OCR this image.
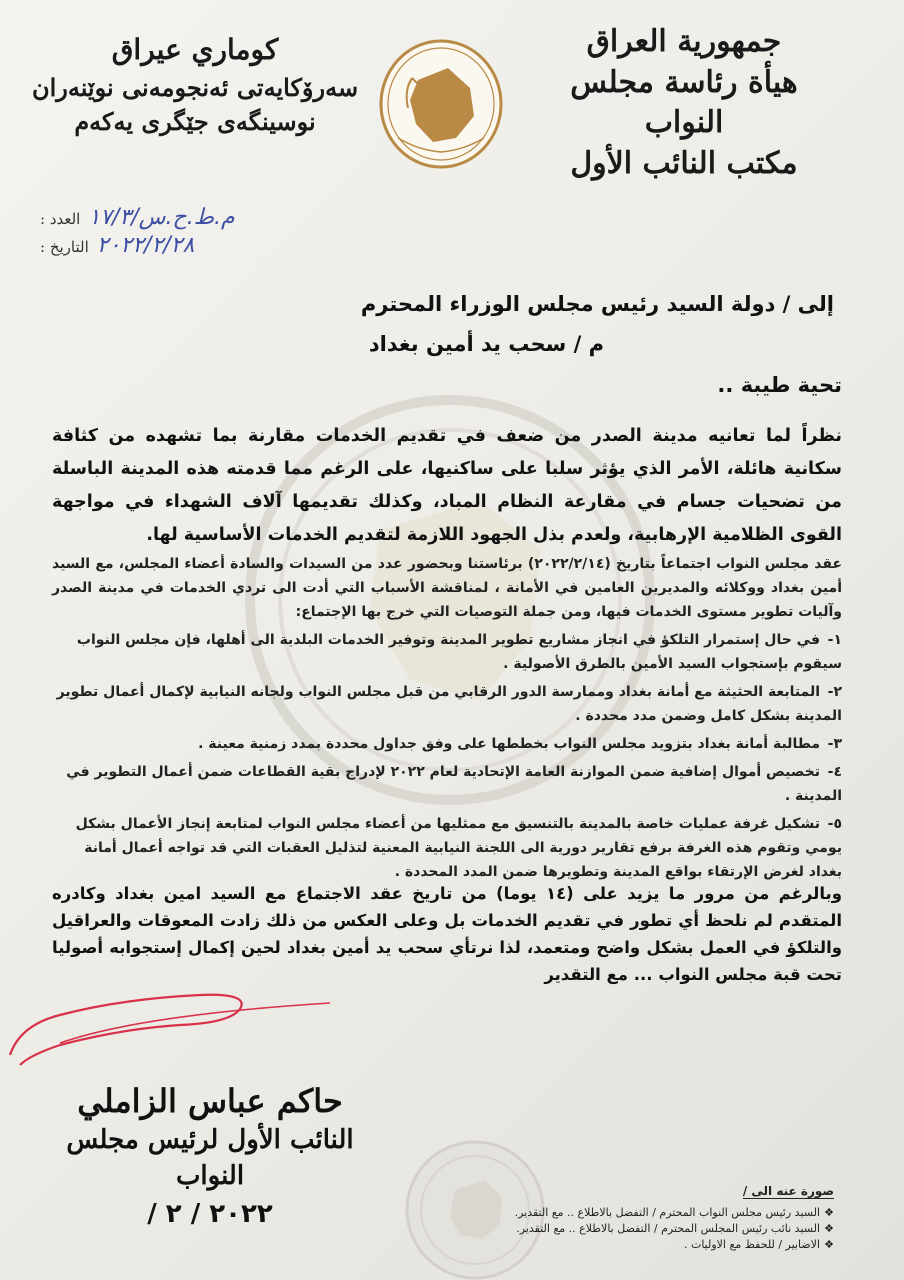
جمهورية العراق
هيأة رئاسة مجلس النواب
مكتب النائب الأول
كوماري عيراق
سەرۆکایەتی ئەنجومەنی نوێنەران
نوسینگەی جێگری یەکەم
العدد : م.ط.ح.س/١٧/٣
التاريخ : ٢٠٢٢/٢/٢٨
إلى / دولة السيد رئيس مجلس الوزراء المحترم
م / سحب يد أمين بغداد
تحية طيبة ..
نظراً لما تعانيه مدينة الصدر من ضعف في تقديم الخدمات مقارنة بما تشهده من كثافة سكانية هائلة، الأمر الذي يؤثر سلبا على ساكنيها، على الرغم مما قدمته هذه المدينة الباسلة من تضحيات جسام في مقارعة النظام المباد، وكذلك تقديمها آلاف الشهداء في مواجهة القوى الظلامية الإرهابية، ولعدم بذل الجهود اللازمة لتقديم الخدمات الأساسية لها.
عقد مجلس النواب اجتماعاً بتاريخ (٢٠٢٢/٢/١٤) برئاستنا وبحضور عدد من السيدات والسادة أعضاء المجلس، مع السيد أمين بغداد ووكلائه والمديرين العامين في الأمانة ، لمناقشة الأسباب التي أدت الى تردي الخدمات في مدينة الصدر وآليات تطوير مستوى الخدمات فيها، ومن جملة التوصيات التي خرج بها الإجتماع:
١-في حال إستمرار التلكؤ في انجاز مشاريع تطوير المدينة وتوفير الخدمات البلدية الى أهلها، فإن مجلس النواب سيقوم بإستجواب السيد الأمين بالطرق الأصولية .
٢-المتابعة الحثيثة مع أمانة بغداد وممارسة الدور الرقابي من قبل مجلس النواب ولجانه النيابية لإكمال أعمال تطوير المدينة بشكل كامل وضمن مدد محددة .
٣-مطالبة أمانة بغداد بتزويد مجلس النواب بخططها على وفق جداول محددة بمدد زمنية معينة .
٤-تخصيص أموال إضافية ضمن الموازنة العامة الإتحادية لعام ٢٠٢٢ لإدراج بقية القطاعات ضمن أعمال التطوير في المدينة .
٥-تشكيل غرفة عمليات خاصة بالمدينة بالتنسيق مع ممثليها من أعضاء مجلس النواب لمتابعة إنجاز الأعمال بشكل يومي وتقوم هذه الغرفة برفع تقارير دورية الى اللجنة النيابية المعنية لتذليل العقبات التي قد تواجه أعمال أمانة بغداد لغرض الإرتقاء بواقع المدينة وتطويرها ضمن المدد المحددة .
وبالرغم من مرور ما يزيد على (١٤ يوما) من تاريخ عقد الاجتماع مع السيد امين بغداد وكادره المتقدم لم نلحظ أي تطور في تقديم الخدمات بل وعلى العكس من ذلك زادت المعوقات والعراقيل والتلكؤ في العمل بشكل واضح ومتعمد، لذا نرتأي سحب يد أمين بغداد لحين إكمال إستجوابه أصوليا تحت قبة مجلس النواب ... مع التقدير
حاكم عباس الزاملي
النائب الأول لرئيس مجلس النواب
٢٠٢٢ / ٢ /
صورة عنه الى /
❖السيد رئيس مجلس النواب المحترم / التفضل بالاطلاع .. مع التقدير.
❖السيد نائب رئيس المجلس المحترم / التفضل بالاطلاع .. مع التقدير.
❖الاضابير / للحفظ مع الاوليات .
